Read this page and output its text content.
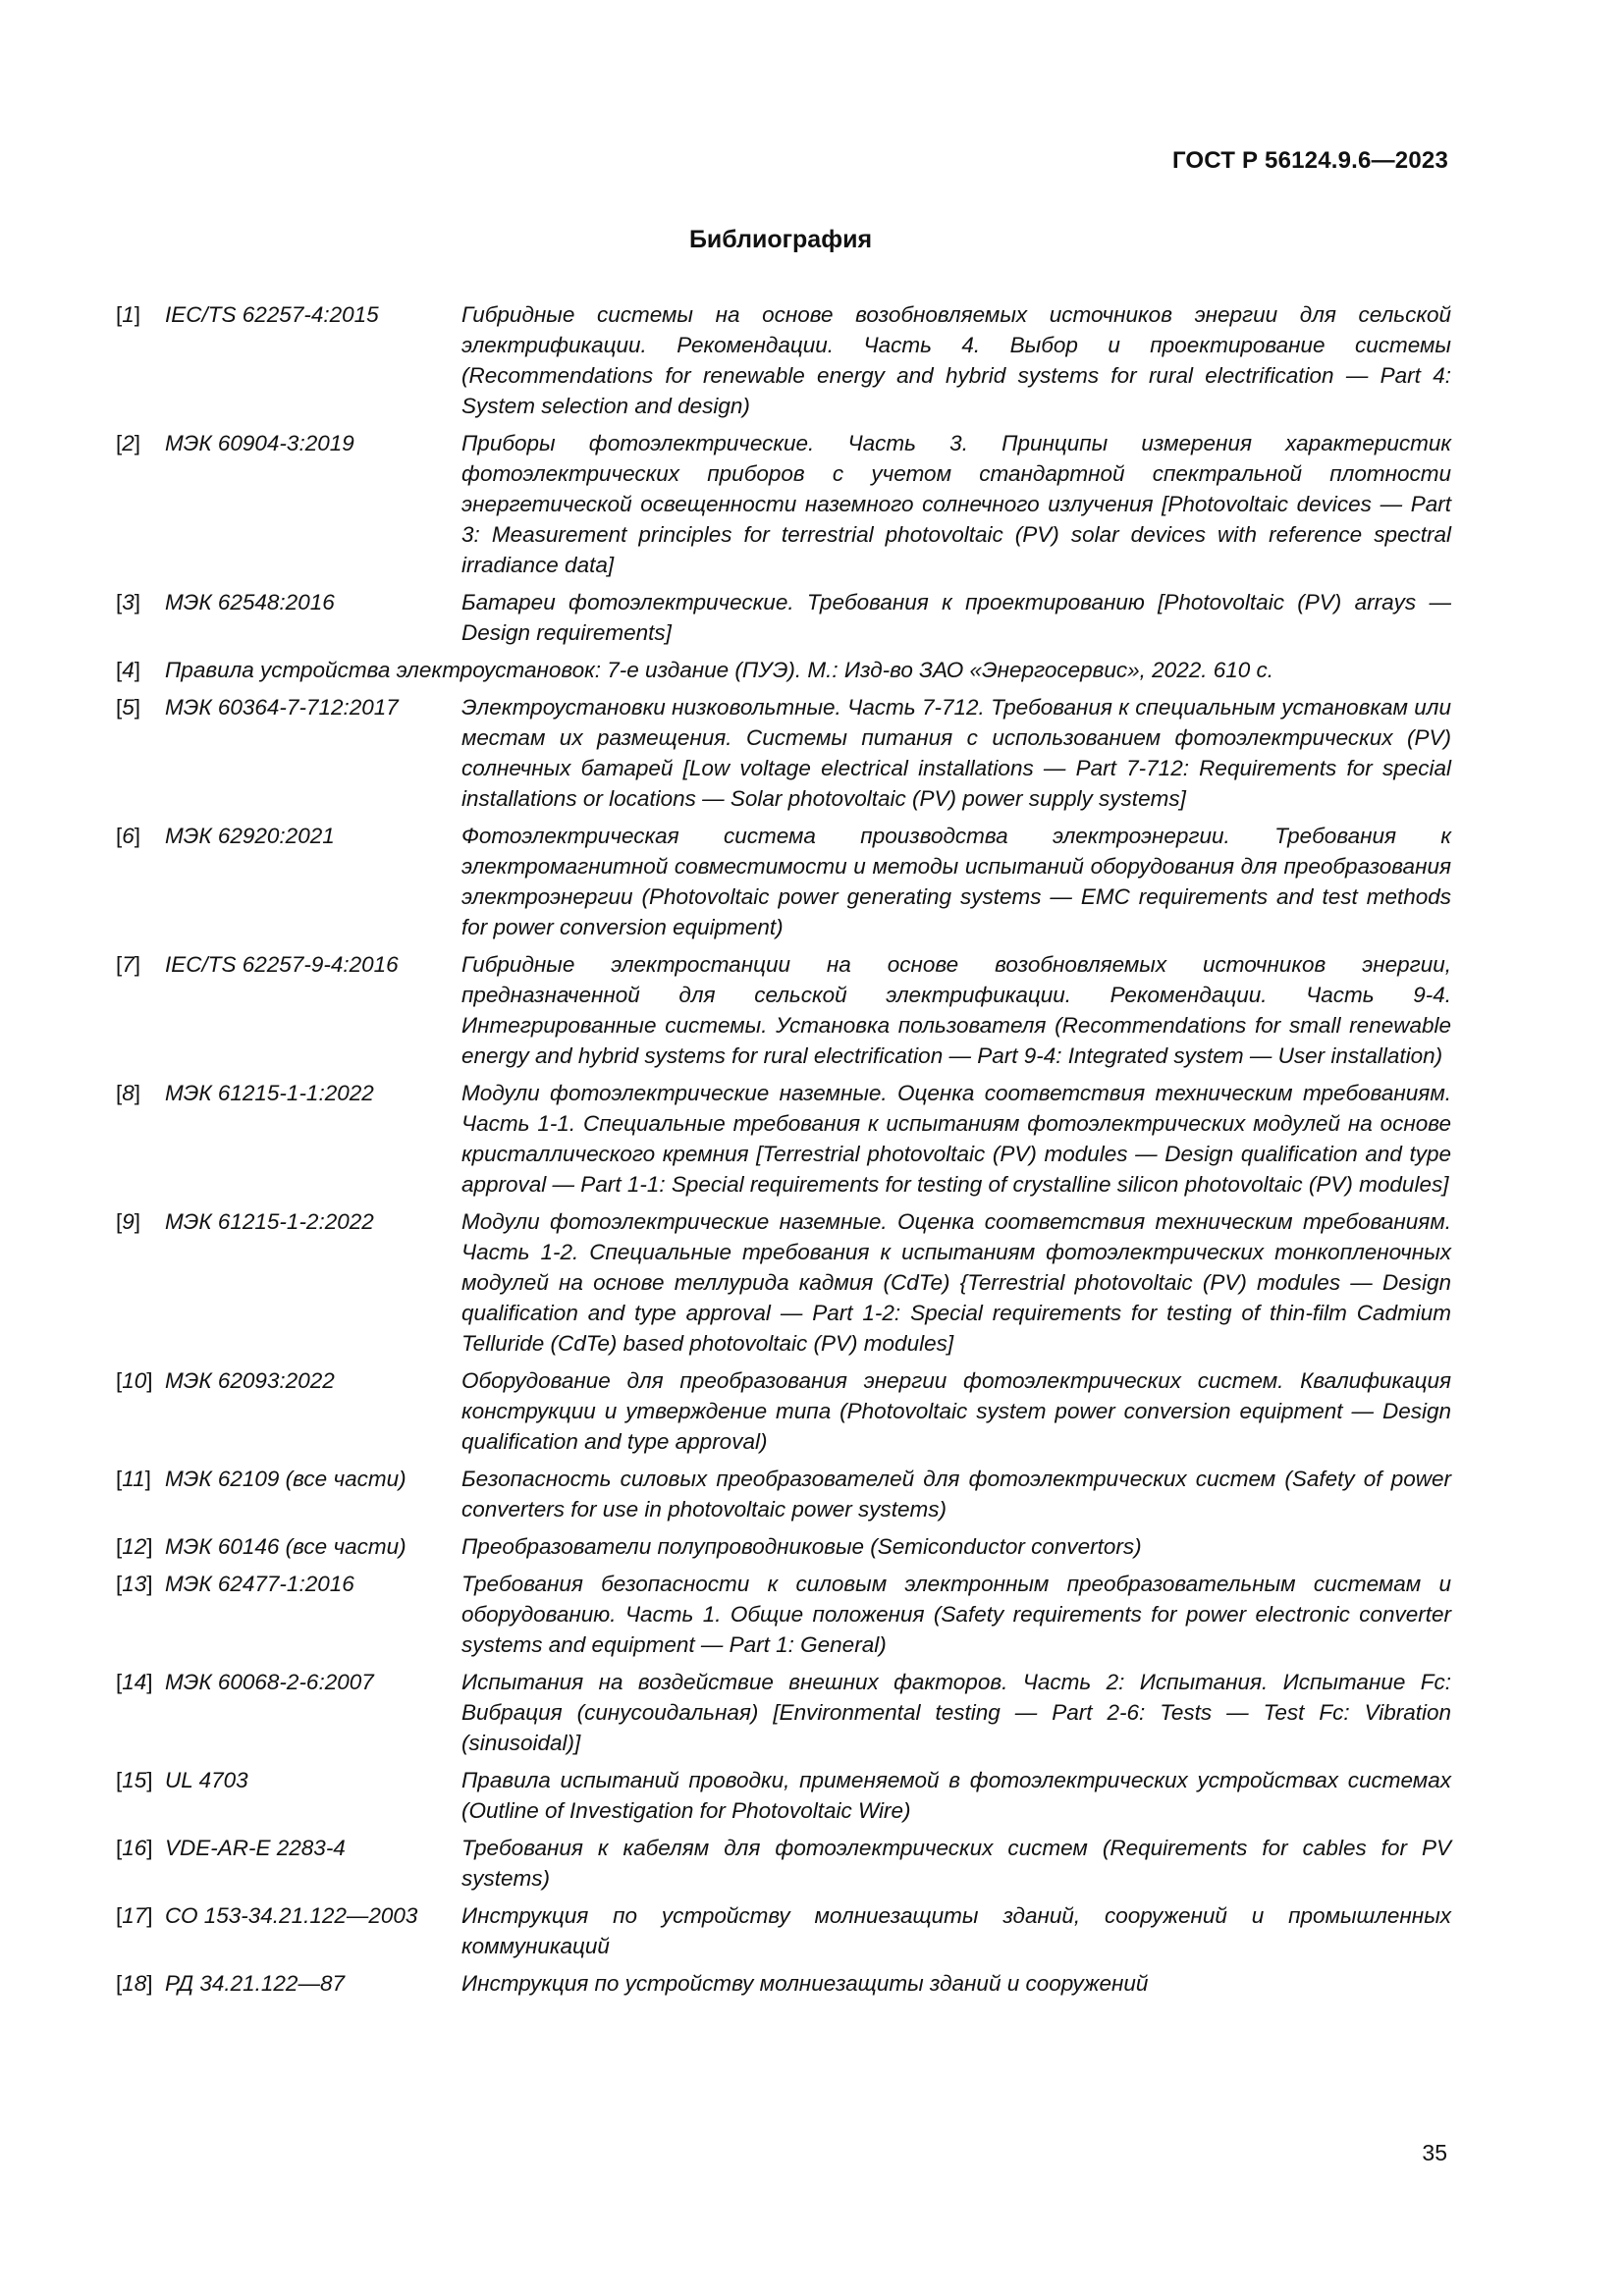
ГОСТ Р 56124.9.6—2023
Библиография
[1]	IEC/TS 62257-4:2015	Гибридные системы на основе возобновляемых источников энергии для сельской электрификации. Рекомендации. Часть 4. Выбор и проектирование системы (Recommendations for renewable energy and hybrid systems for rural electrification — Part 4: System selection and design)
[2]	МЭК 60904-3:2019	Приборы фотоэлектрические. Часть 3. Принципы измерения характеристик фотоэлектрических приборов с учетом стандартной спектральной плотности энергетической освещенности наземного солнечного излучения [Photovoltaic devices — Part 3: Measurement principles for terrestrial photovoltaic (PV) solar devices with reference spectral irradiance data]
[3]	МЭК 62548:2016	Батареи фотоэлектрические. Требования к проектированию [Photovoltaic (PV) arrays — Design requirements]
[4]	Правила устройства электроустановок: 7-е издание (ПУЭ). М.: Изд-во ЗАО «Энергосервис», 2022. 610 с.
[5]	МЭК 60364-7-712:2017	Электроустановки низковольтные. Часть 7-712. Требования к специальным установкам или местам их размещения. Системы питания с использованием фотоэлектрических (PV) солнечных батарей [Low voltage electrical installations — Part 7-712: Requirements for special installations or locations — Solar photovoltaic (PV) power supply systems]
[6]	МЭК 62920:2021	Фотоэлектрическая система производства электроэнергии. Требования к электромагнитной совместимости и методы испытаний оборудования для преобразования электроэнергии (Photovoltaic power generating systems — EMC requirements and test methods for power conversion equipment)
[7]	IEC/TS 62257-9-4:2016	Гибридные электростанции на основе возобновляемых источников энергии, предназначенной для сельской электрификации. Рекомендации. Часть 9-4. Интегрированные системы. Установка пользователя (Recommendations for small renewable energy and hybrid systems for rural electrification — Part 9-4: Integrated system — User installation)
[8]	МЭК 61215-1-1:2022	Модули фотоэлектрические наземные. Оценка соответствия техническим требованиям. Часть 1-1. Специальные требования к испытаниям фотоэлектрических модулей на основе кристаллического кремния [Terrestrial photovoltaic (PV) modules — Design qualification and type approval — Part 1-1: Special requirements for testing of crystalline silicon photovoltaic (PV) modules]
[9]	МЭК 61215-1-2:2022	Модули фотоэлектрические наземные. Оценка соответствия техническим требованиям. Часть 1-2. Специальные требования к испытаниям фотоэлектрических тонкопленочных модулей на основе теллурида кадмия (CdTe) {Terrestrial photovoltaic (PV) modules — Design qualification and type approval — Part 1-2: Special requirements for testing of thin-film Cadmium Telluride (CdTe) based photovoltaic (PV) modules]
[10] МЭК 62093:2022	Оборудование для преобразования энергии фотоэлектрических систем. Квалификация конструкции и утверждение типа (Photovoltaic system power conversion equipment — Design qualification and type approval)
[11] МЭК 62109 (все части)	Безопасность силовых преобразователей для фотоэлектрических систем (Safety of power converters for use in photovoltaic power systems)
[12] МЭК 60146 (все части)	Преобразователи полупроводниковые (Semiconductor convertors)
[13] МЭК 62477-1:2016	Требования безопасности к силовым электронным преобразовательным системам и оборудованию. Часть 1. Общие положения (Safety requirements for power electronic converter systems and equipment — Part 1: General)
[14] МЭК 60068-2-6:2007	Испытания на воздействие внешних факторов. Часть 2: Испытания. Испытание Fc: Вибрация (синусоидальная) [Environmental testing — Part 2-6: Tests — Test Fc: Vibration (sinusoidal)]
[15] UL 4703	Правила испытаний проводки, применяемой в фотоэлектрических устройствах системах (Outline of Investigation for Photovoltaic Wire)
[16] VDE-AR-E 2283-4	Требования к кабелям для фотоэлектрических систем (Requirements for cables for PV systems)
[17] СО 153-34.21.122—2003	Инструкция по устройству молниезащиты зданий, сооружений и промышленных коммуникаций
[18] РД 34.21.122—87	Инструкция по устройству молниезащиты зданий и сооружений
35
